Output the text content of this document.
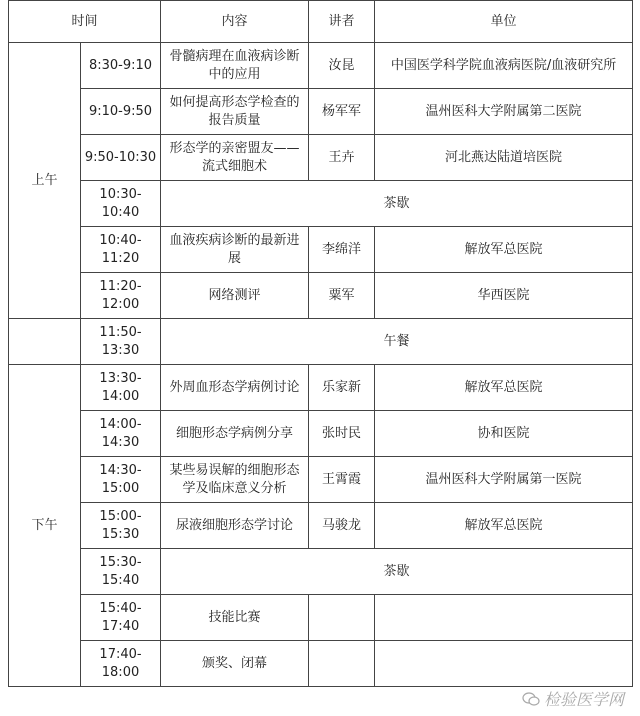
时间		内容	讲者	单位
上午	8:30-9:10	骨髓病理在血液病诊断中的应用	汝昆	中国医学科学院血液病医院/血液研究所
	9:10-9:50	如何提高形态学检查的报告质量	杨军军	温州医科大学附属第二医院
	9:50-10:30	形态学的亲密盟友——流式细胞术	王卉	河北燕达陆道培医院
	10:30-10:40	茶歇		
	10:40-11:20	血液疾病诊断的最新进展	李绵洋	解放军总医院
	11:20-12:00	网络测评	粟军	华西医院
	11:50-13:30	午餐		
下午	13:30-14:00	外周血形态学病例讨论	乐家新	解放军总医院
	14:00-14:30	细胞形态学病例分享	张时民	协和医院
	14:30-15:00	某些易误解的细胞形态学及临床意义分析	王霄霞	温州医科大学附属第一医院
	15:00-15:30	尿液细胞形态学讨论	马骏龙	解放军总医院
	15:30-15:40	茶歇		
	15:40-17:40	技能比赛		
	17:40-18:00	颁奖、闭幕		
检验医学网
